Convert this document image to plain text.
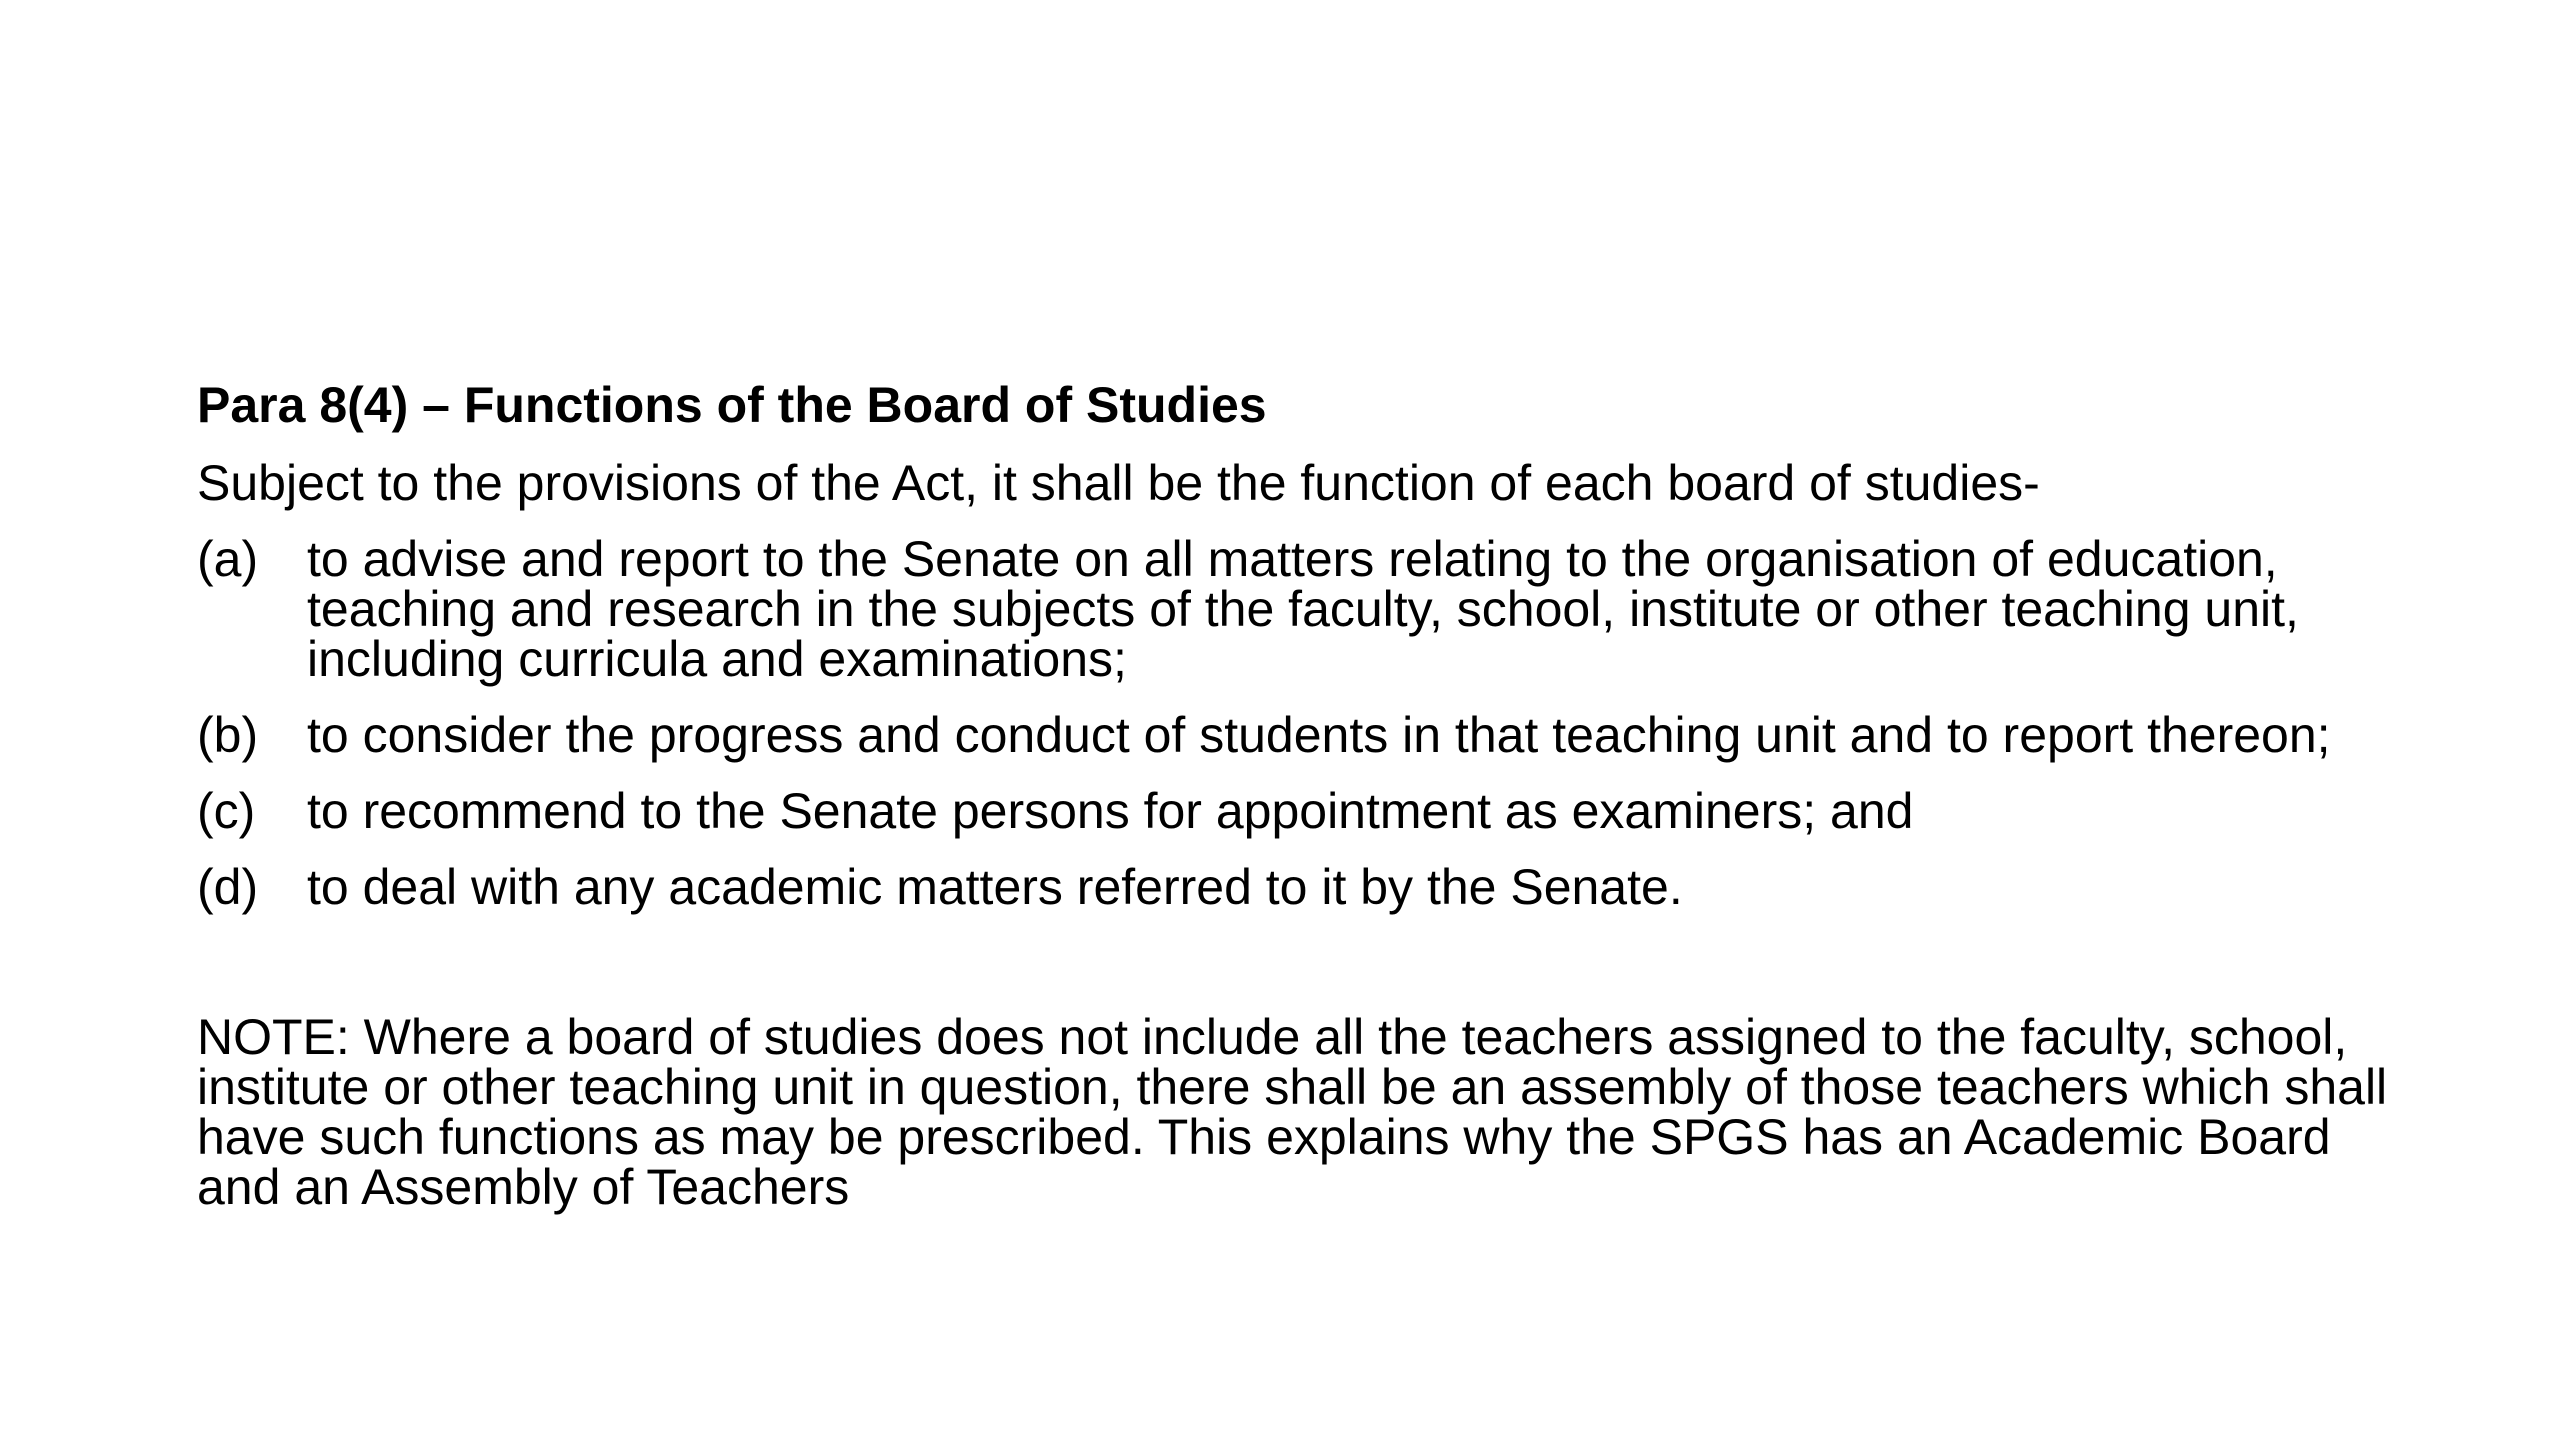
Para 8(4) – Functions of the Board of Studies
Subject to the provisions of the Act, it shall be the function of each board of studies-
(a) to advise and report to the Senate on all matters relating to the organisation of education, teaching and research in the subjects of the faculty, school, institute or other teaching unit, including curricula and examinations;
(b) to consider the progress and conduct of students in that teaching unit and to report thereon;
(c)	to recommend to the Senate persons for appointment as examiners; and
(d) to deal with any academic matters referred to it by the Senate.
NOTE: Where a board of studies does not include all the teachers assigned to the faculty, school, institute or other teaching unit in question, there shall be an assembly of those teachers which shall have such functions as may be prescribed. This explains why the SPGS has an Academic Board and an Assembly of Teachers
